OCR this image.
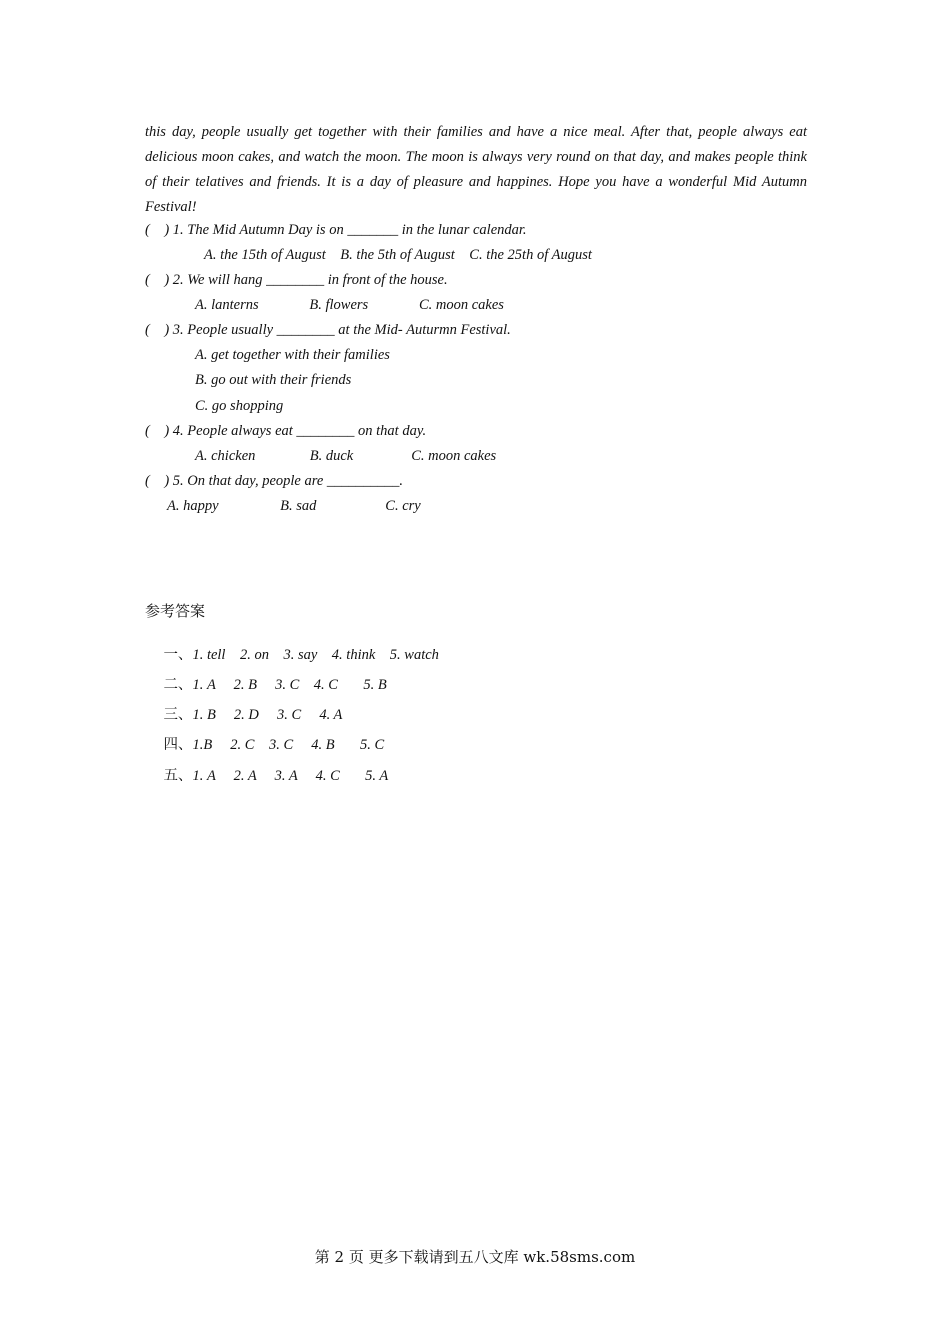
this day, people usually get together with their families and have a nice meal. After that, people always eat delicious moon cakes, and watch the moon. The moon is always very round on that day, and makes people think of their telatives and friends. It is a day of pleasure and happines. Hope you have a wonderful Mid Autumn Festival!
(    ) 1. The Mid Autumn Day is on _______ in the lunar calendar.
A. the 15th of August    B. the 5th of August    C. the 25th of August
(    ) 2. We will hang ________ in front of the house.
A. lanterns              B. flowers              C. moon cakes
(    ) 3. People usually ________ at the Mid- Auturmn Festival.
A. get together with their families
B. go out with their friends
C. go shopping
(    ) 4. People always eat ________ on that day.
A. chicken               B. duck                C. moon cakes
(    ) 5. On that day, people are __________.
A. happy                 B. sad                   C. cry
参考答案

一、1. tell    2. on    3. say    4. think    5. watch

二、1. A     2. B     3. C    4. C       5. B

三、1. B     2. D     3. C     4. A

四、1.B     2. C    3. C     4. B       5. C

五、1. A     2. A     3. A     4. C       5. A

第 2 页 更多下载请到五八文库 wk.58sms.com
